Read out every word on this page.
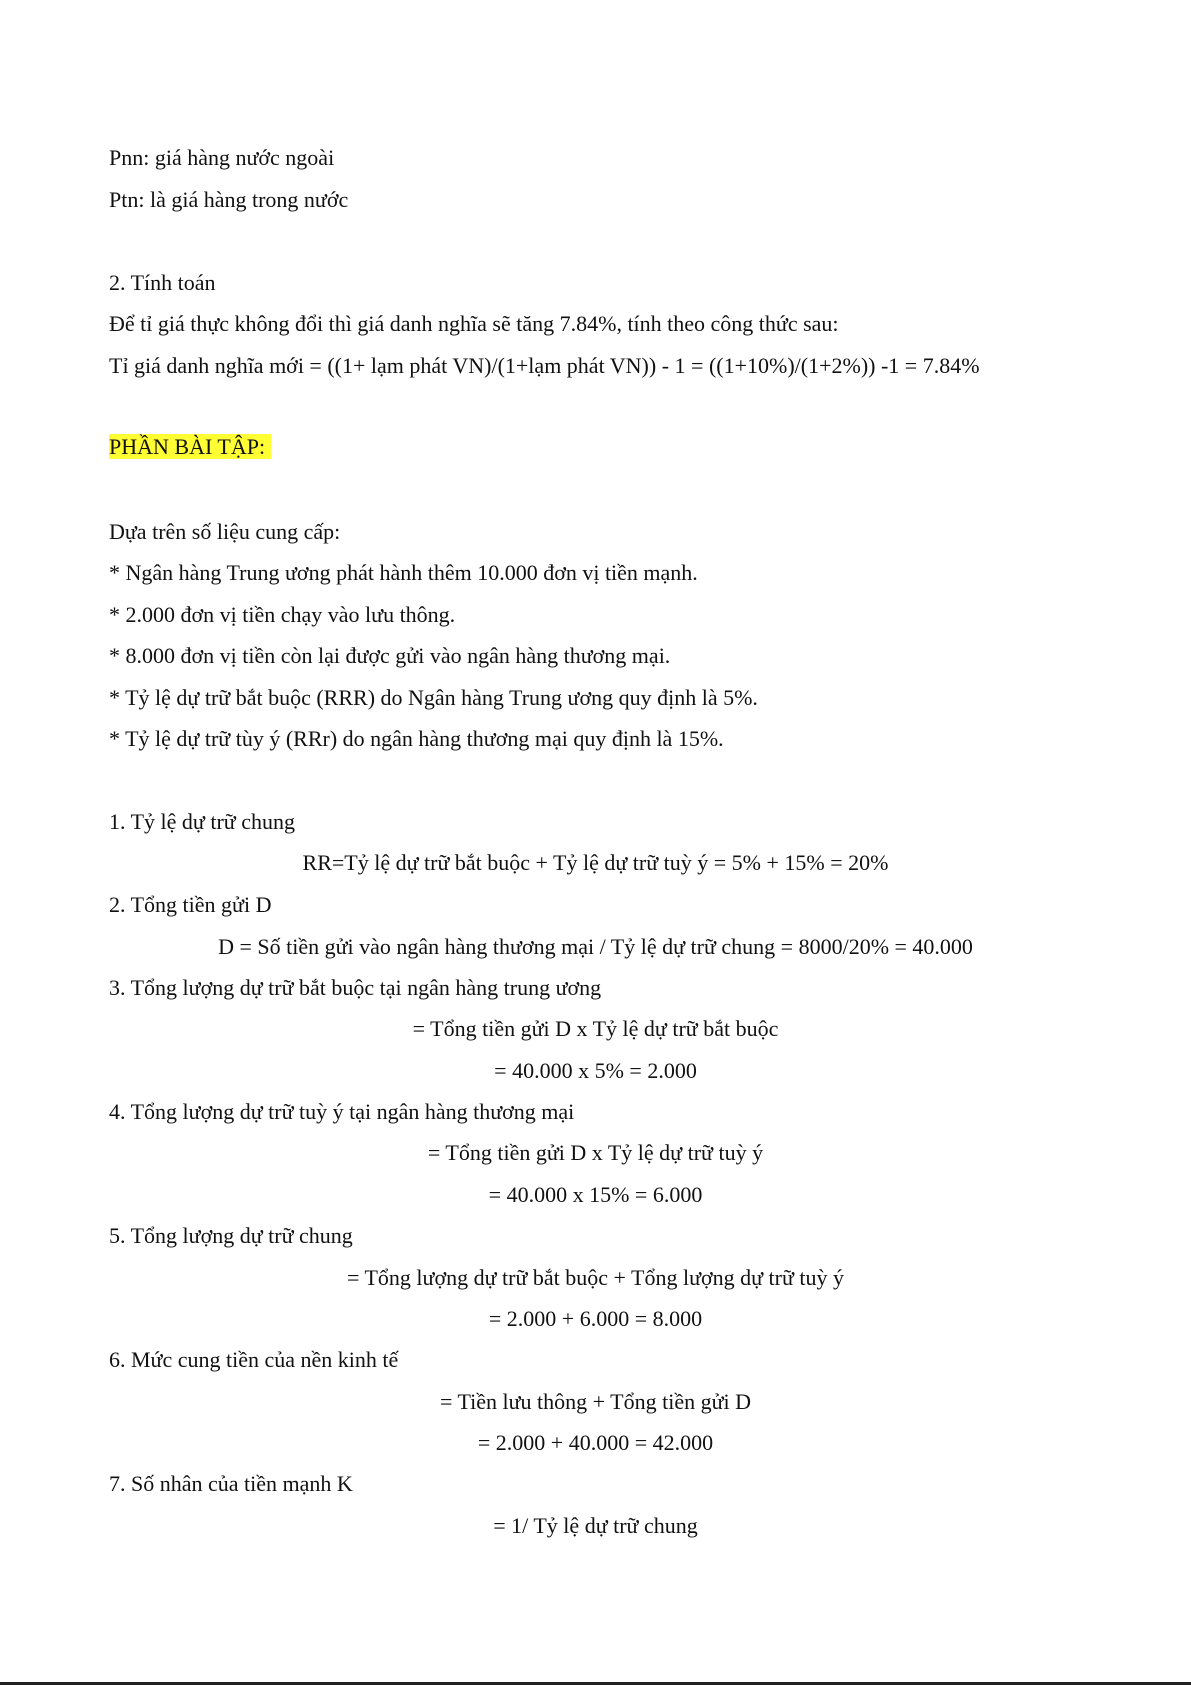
Pnn: giá hàng nước ngoài
Ptn: là giá hàng trong nước
2. Tính toán
Để tỉ giá thực không đổi thì giá danh nghĩa sẽ tăng 7.84%, tính theo công thức sau:
Tỉ giá danh nghĩa mới = ((1+ lạm phát VN)/(1+lạm phát VN)) - 1 = ((1+10%)/(1+2%)) -1 = 7.84%
PHẦN BÀI TẬP:
Dựa trên số liệu cung cấp:
* Ngân hàng Trung ương phát hành thêm 10.000 đơn vị tiền mạnh.
* 2.000 đơn vị tiền chạy vào lưu thông.
* 8.000 đơn vị tiền còn lại được gửi vào ngân hàng thương mại.
* Tỷ lệ dự trữ bắt buộc (RRR) do Ngân hàng Trung ương quy định là 5%.
* Tỷ lệ dự trữ tùy ý (RRr) do ngân hàng thương mại quy định là 15%.
1. Tỷ lệ dự trữ chung
RR=Tỷ lệ dự trữ bắt buộc + Tỷ lệ dự trữ tuỳ ý = 5% + 15% = 20%
2. Tổng tiền gửi D
D = Số tiền gửi vào ngân hàng thương mại / Tỷ lệ dự trữ chung = 8000/20% = 40.000
3. Tổng lượng dự trữ bắt buộc tại ngân hàng trung ương
= Tổng tiền gửi D x Tỷ lệ dự trữ bắt buộc
= 40.000 x 5% = 2.000
4. Tổng lượng dự trữ tuỳ ý tại ngân hàng thương mại
= Tổng tiền gửi D x Tỷ lệ dự trữ tuỳ ý
= 40.000 x 15% = 6.000
5. Tổng lượng dự trữ chung
= Tổng lượng dự trữ bắt buộc + Tổng lượng dự trữ tuỳ ý
= 2.000 + 6.000 = 8.000
6. Mức cung tiền của nền kinh tế
= Tiền lưu thông + Tổng tiền gửi D
= 2.000 + 40.000 = 42.000
7. Số nhân của tiền mạnh K
= 1/ Tỷ lệ dự trữ chung
